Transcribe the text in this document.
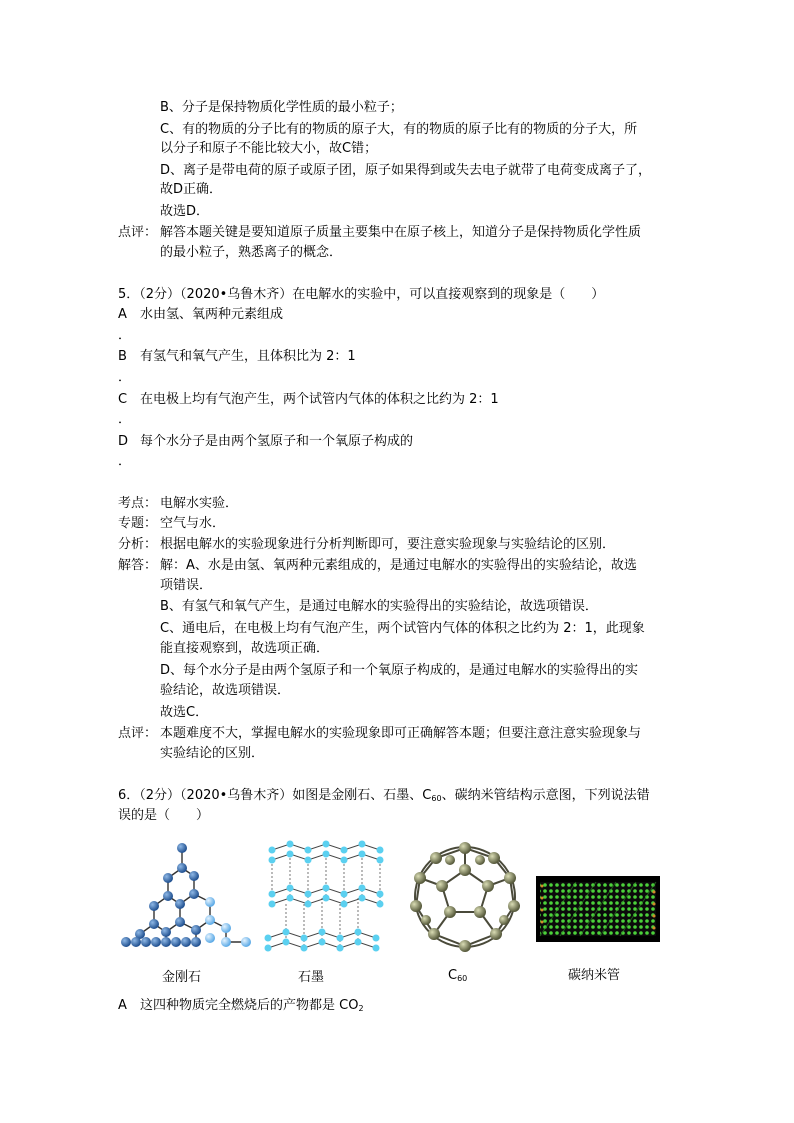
B、分子是保持物质化学性质的最小粒子；
C、有的物质的分子比有的物质的原子大，有的物质的原子比有的物质的分子大，所
以分子和原子不能比较大小，故C错；
D、离子是带电荷的原子或原子团，原子如果得到或失去电子就带了电荷变成离子了，
故D正确．
故选D．
点评： 解答本题关键是要知道原子质量主要集中在原子核上，知道分子是保持物质化学性质
的最小粒子，熟悉离子的概念．
5．（2分）（2020•乌鲁木齐）在电解水的实验中，可以直接观察到的现象是（　　）
A 水由氢、氧两种元素组成
．
B 有氢气和氧气产生，且体积比为 2：1
．
C 在电极上均有气泡产生，两个试管内气体的体积之比约为 2：1
．
D 每个水分子是由两个氢原子和一个氧原子构成的
．
考点： 电解水实验．
专题： 空气与水．
分析： 根据电解水的实验现象进行分析判断即可，要注意实验现象与实验结论的区别．
解答： 解：A、水是由氢、氧两种元素组成的，是通过电解水的实验得出的实验结论，故选
项错误．
B、有氢气和氧气产生，是通过电解水的实验得出的实验结论，故选项错误．
C、通电后，在电极上均有气泡产生，两个试管内气体的体积之比约为 2：1，此现象
能直接观察到，故选项正确．
D、每个水分子是由两个氢原子和一个氧原子构成的，是通过电解水的实验得出的实
验结论，故选项错误．
故选C．
点评： 本题难度不大，掌握电解水的实验现象即可正确解答本题；但要注意注意实验现象与
实验结论的区别．
6．（2分）（2020•乌鲁木齐）如图是金刚石、石墨、$C_{60}$、碳纳米管结构示意图，下列说法错
误的是（　　）
金刚石	石墨	$C_{60}$	碳纳米管
A 这四种物质完全燃烧后的产物都是 $CO_2$
